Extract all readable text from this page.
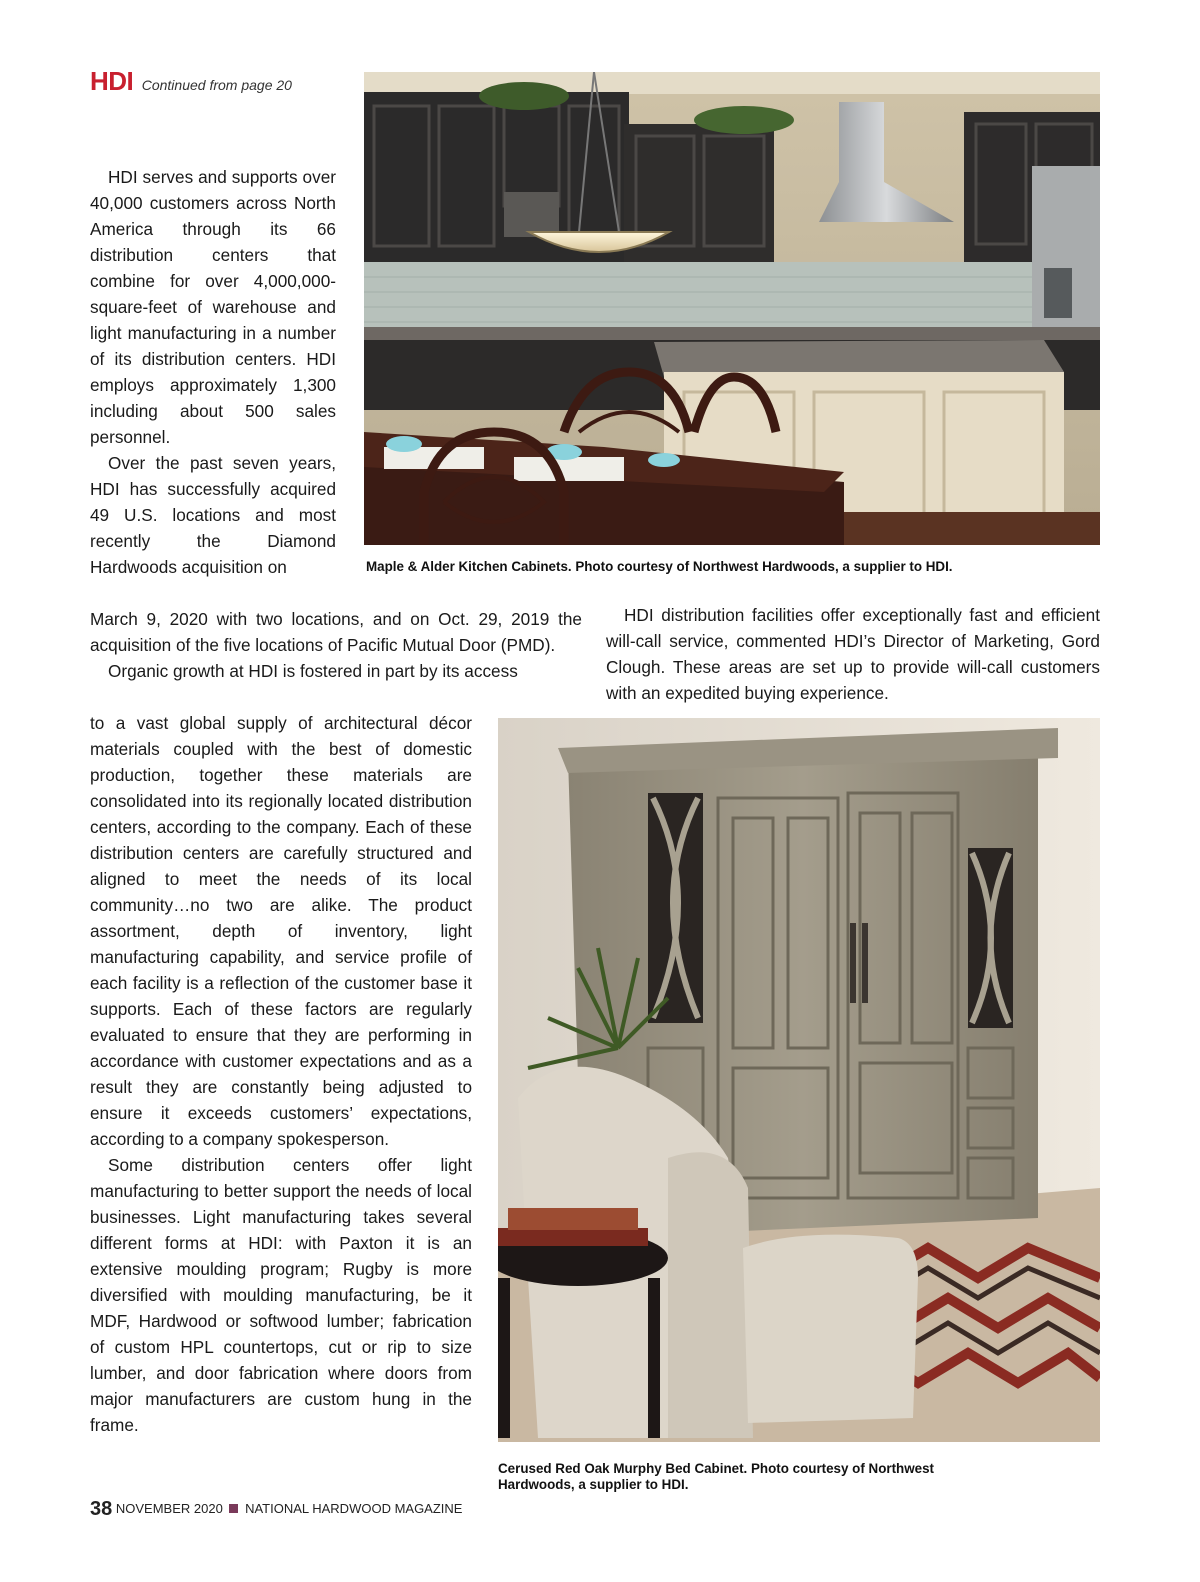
HDI Continued from page 20

HDI serves and supports over 40,000 customers across North America through its 66 distribution centers that combine for over 4,000,000-square-feet of warehouse and light manufacturing in a number of its distribution centers. HDI employs approximately 1,300 including about 500 sales personnel.

Over the past seven years, HDI has successfully acquired 49 U.S. locations and most recently the Diamond Hardwoods acquisition on	Maple & Alder Kitchen Cabinets. Photo courtesy of Northwest Hardwoods, a supplier to HDI.

March 9, 2020 with two locations, and on Oct. 29, 2019 the acquisition of the five locations of Pacific Mutual Door (PMD).

Organic growth at HDI is fostered in part by its access

HDI distribution facilities offer exceptionally fast and efficient will-call service, commented HDI’s Director of Marketing, Gord Clough. These areas are set up to provide will-call customers with an expedited buying experience.

to a vast global supply of architectural décor materials coupled with the best of domestic production, together these materials are consolidated into its regionally located distribution centers, according to the company. Each of these distribution centers are carefully structured and aligned to meet the needs of its local community…no two are alike. The product assortment, depth of inventory, light manufacturing capability, and service profile of each facility is a reflection of the customer base it supports. Each of these factors are regularly evaluated to ensure that they are performing in accordance with customer expectations and as a result they are constantly being adjusted to ensure it exceeds customers’ expectations, according to a company spokesperson.

Some distribution centers offer light manufacturing to better support the needs of local businesses. Light manufacturing takes several different forms at HDI: with Paxton it is an extensive moulding program; Rugby is more diversified with moulding manufacturing, be it MDF, Hardwood or softwood lumber; fabrication of custom HPL countertops, cut or rip to size lumber, and door fabrication where doors from major manufacturers are custom hung in the frame.

Cerused Red Oak Murphy Bed Cabinet. Photo courtesy of Northwest Hardwoods, a supplier to HDI.
38 NOVEMBER 2020 NATIONAL HARDWOOD MAGAZINE
